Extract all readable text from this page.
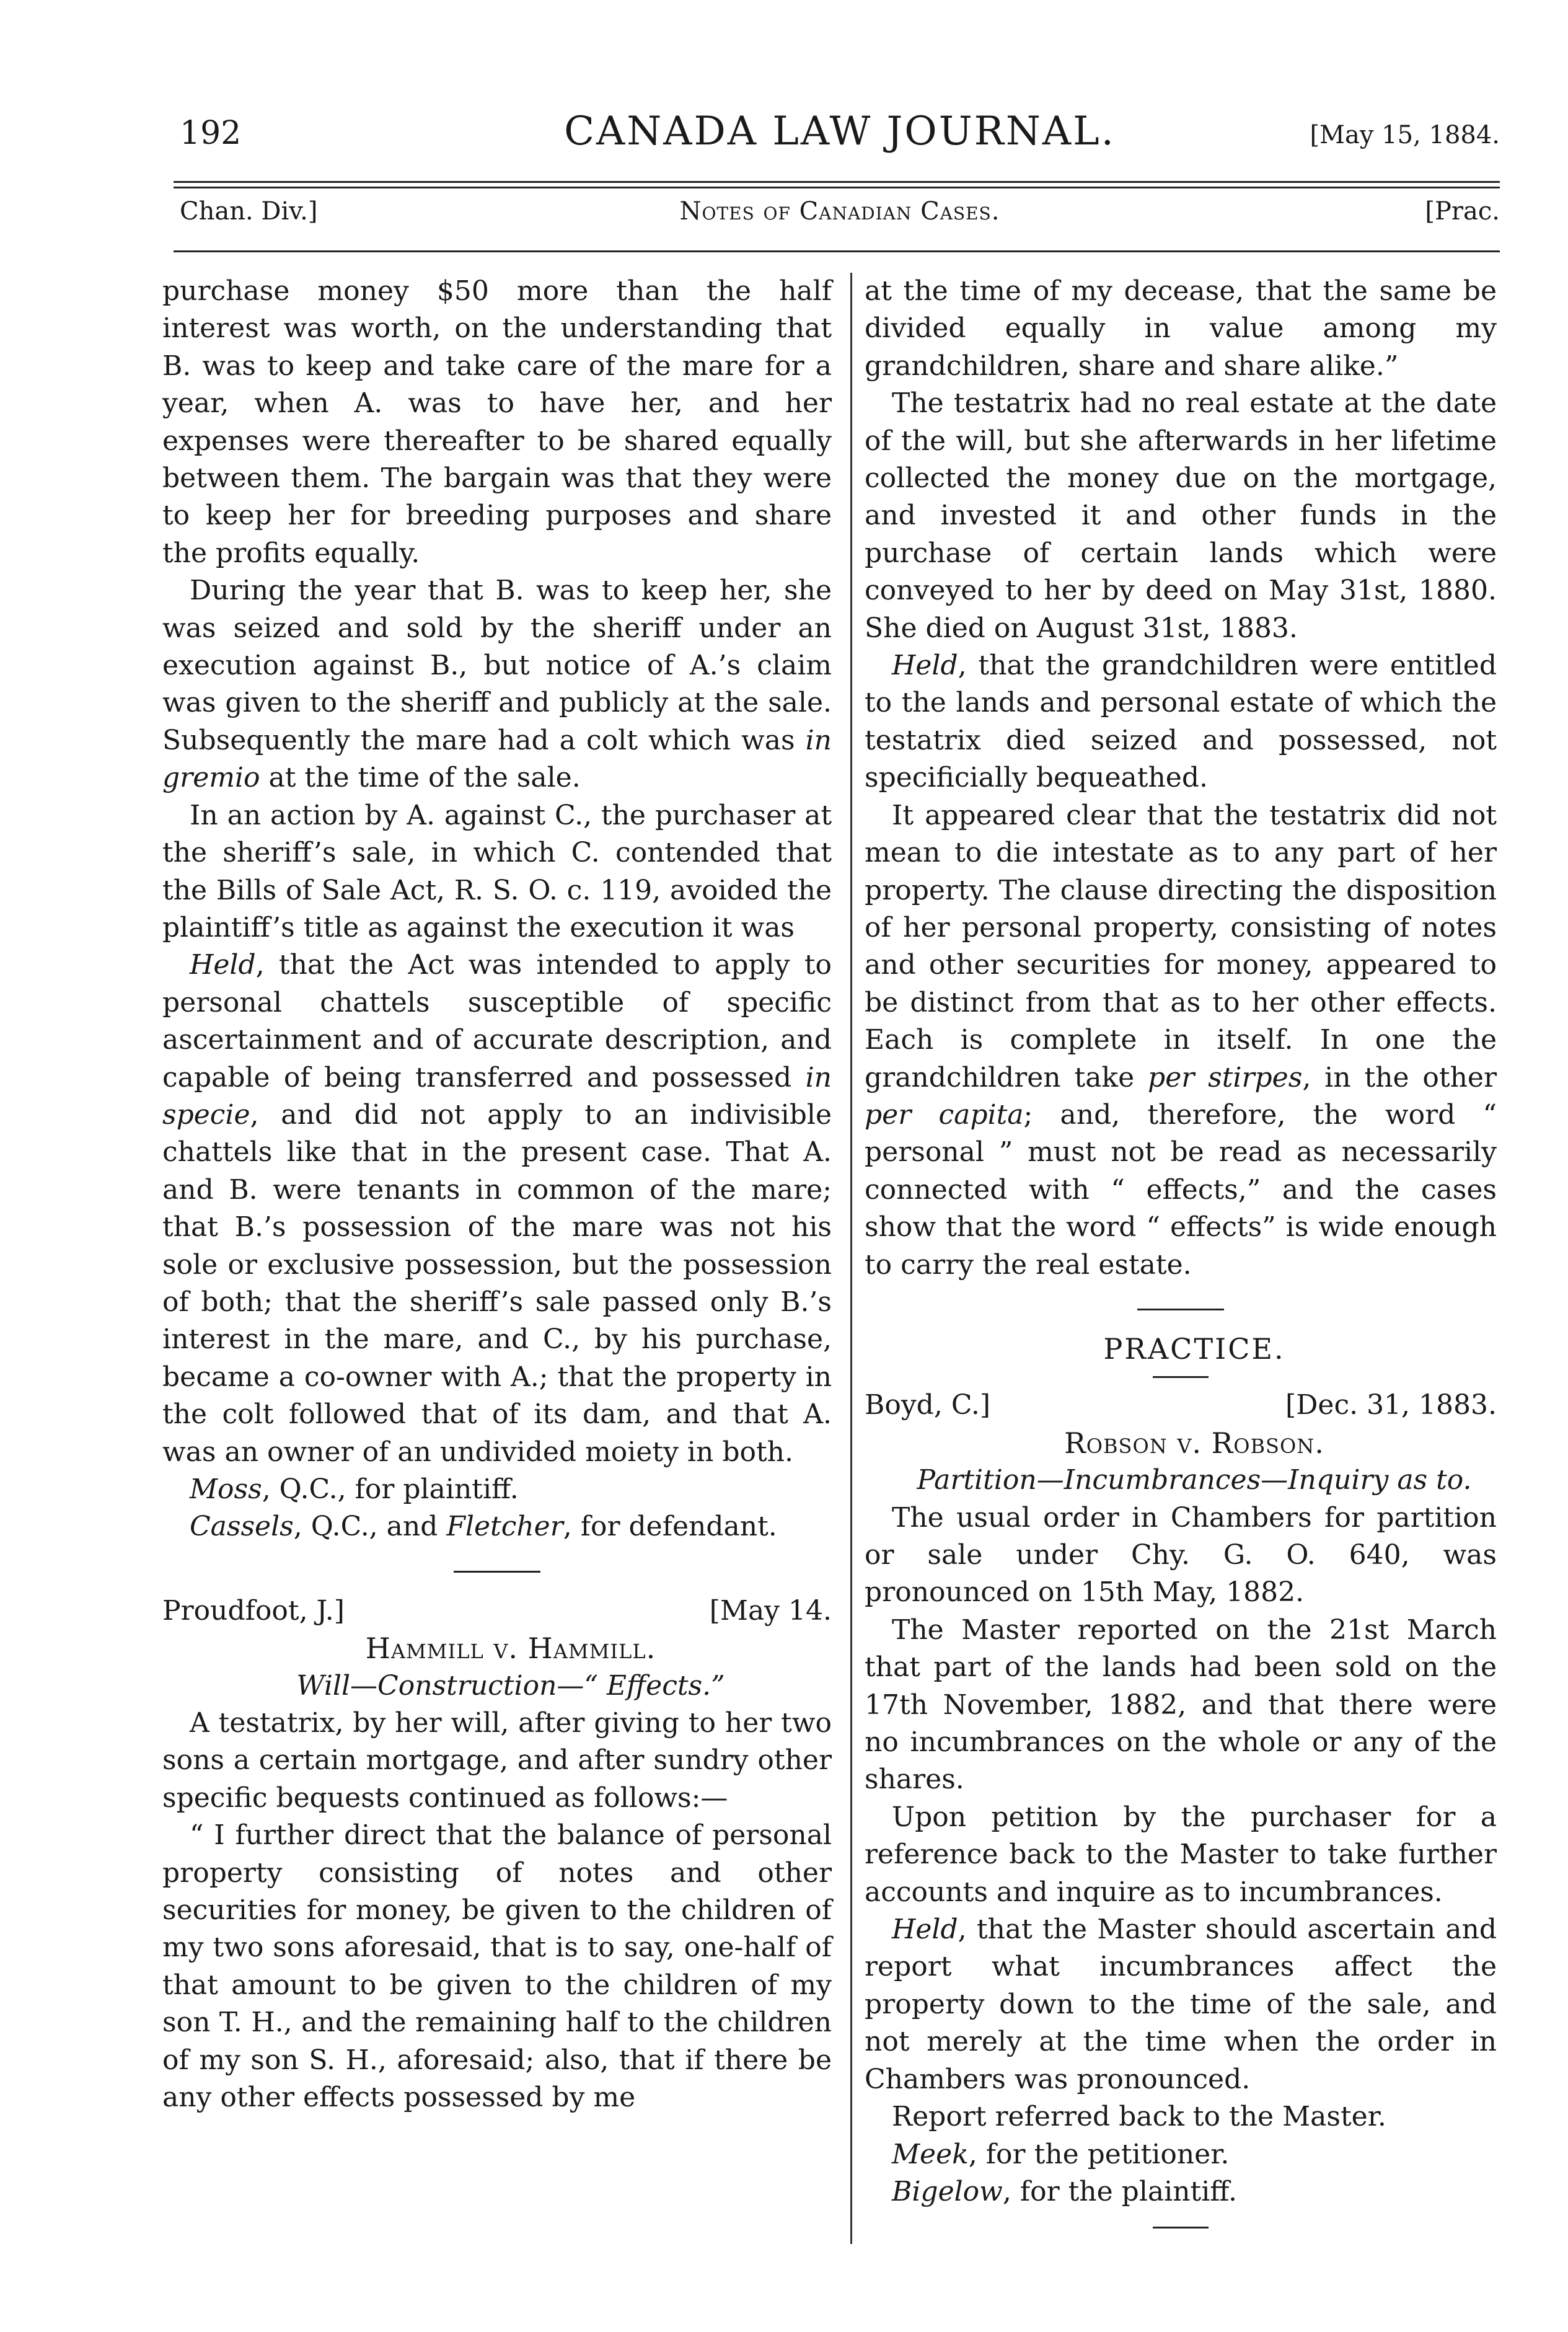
192	CANADA LAW JOURNAL.	[May 15, 1884.
Chan. Div.]	Notes of Canadian Cases.	[Prac.

purchase money $50 more than the half interest was worth, on the understanding that B. was to keep and take care of the mare for a year, when A. was to have her, and her expenses were thereafter to be shared equally between them. The bargain was that they were to keep her for breeding purposes and share the profits equally.

During the year that B. was to keep her, she was seized and sold by the sheriff under an execution against B., but notice of A.’s claim was given to the sheriff and publicly at the sale. Subsequently the mare had a colt which was in gremio at the time of the sale.

In an action by A. against C., the purchaser at the sheriff’s sale, in which C. contended that the Bills of Sale Act, R. S. O. c. 119, avoided the plaintiff’s title as against the execution it was

Held, that the Act was intended to apply to personal chattels susceptible of specific ascertainment and of accurate description, and capable of being transferred and possessed in specie, and did not apply to an indivisible chattels like that in the present case. That A. and B. were tenants in common of the mare; that B.’s possession of the mare was not his sole or exclusive possession, but the possession of both; that the sheriff’s sale passed only B.’s interest in the mare, and C., by his purchase, became a co-owner with A.; that the property in the colt followed that of its dam, and that A. was an owner of an undivided moiety in both.

Moss, Q.C., for plaintiff.

Cassels, Q.C., and Fletcher, for defendant.

Proudfoot, J.]	[May 14.

Hammill v. Hammill.

Will—Construction—“ Effects.”

A testatrix, by her will, after giving to her two sons a certain mortgage, and after sundry other specific bequests continued as follows:—

“ I further direct that the balance of personal property consisting of notes and other securities for money, be given to the children of my two sons aforesaid, that is to say, one-half of that amount to be given to the children of my son T. H., and the remaining half to the children of my son S. H., aforesaid; also, that if there be any other effects possessed by me

at the time of my decease, that the same be divided equally in value among my grandchildren, share and share alike.”

The testatrix had no real estate at the date of the will, but she afterwards in her lifetime collected the money due on the mortgage, and invested it and other funds in the purchase of certain lands which were conveyed to her by deed on May 31st, 1880. She died on August 31st, 1883.

Held, that the grandchildren were entitled to the lands and personal estate of which the testatrix died seized and possessed, not specificially bequeathed.

It appeared clear that the testatrix did not mean to die intestate as to any part of her property. The clause directing the disposition of her personal property, consisting of notes and other securities for money, appeared to be distinct from that as to her other effects. Each is complete in itself. In one the grandchildren take per stirpes, in the other per capita; and, therefore, the word “ personal ” must not be read as necessarily connected with “ effects,” and the cases show that the word “ effects” is wide enough to carry the real estate.

PRACTICE.

Boyd, C.]	[Dec. 31, 1883.

Robson v. Robson.

Partition—Incumbrances—Inquiry as to.

The usual order in Chambers for partition or sale under Chy. G. O. 640, was pronounced on 15th May, 1882.

The Master reported on the 21st March that part of the lands had been sold on the 17th November, 1882, and that there were no incumbrances on the whole or any of the shares.

Upon petition by the purchaser for a reference back to the Master to take further accounts and inquire as to incumbrances.

Held, that the Master should ascertain and report what incumbrances affect the property down to the time of the sale, and not merely at the time when the order in Chambers was pronounced.

Report referred back to the Master.

Meek, for the petitioner.

Bigelow, for the plaintiff.
